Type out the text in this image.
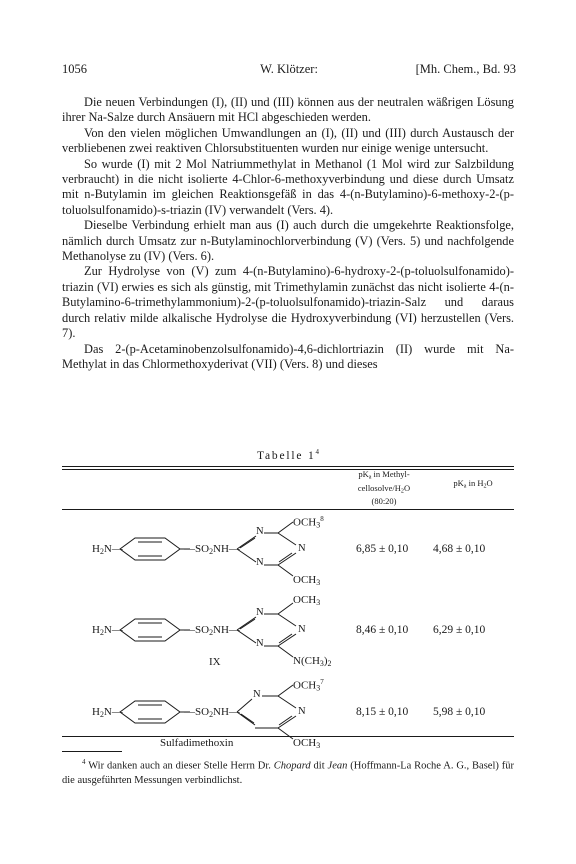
1056	W. Klötzer:	[Mh. Chem., Bd. 93

Die neuen Verbindungen (I), (II) und (III) können aus der neutralen wäßrigen Lösung ihrer Na-Salze durch Ansäuern mit HCl abgeschieden werden.

Von den vielen möglichen Umwandlungen an (I), (II) und (III) durch Austausch der verbliebenen zwei reaktiven Chlorsubstituenten wurden nur einige wenige untersucht.

So wurde (I) mit 2 Mol Natriummethylat in Methanol (1 Mol wird zur Salzbildung verbraucht) in die nicht isolierte 4-Chlor-6-methoxyverbindung und diese durch Umsatz mit n-Butylamin im gleichen Reaktionsgefäß in das 4-(n-Butylamino)-6-methoxy-2-(p-toluolsulfonamido)-s-triazin (IV) verwandelt (Vers. 4).

Dieselbe Verbindung erhielt man aus (I) auch durch die umgekehrte Reaktionsfolge, nämlich durch Umsatz zur n-Butylaminochlorverbindung (V) (Vers. 5) und nachfolgende Methanolyse zu (IV) (Vers. 6).

Zur Hydrolyse von (V) zum 4-(n-Butylamino)-6-hydroxy-2-(p-toluolsulfonamido)-triazin (VI) erwies es sich als günstig, mit Trimethylamin zunächst das nicht isolierte 4-(n-Butylamino-6-trimethylammonium)-2-(p-toluolsulfonamido)-triazin-Salz und daraus durch relativ milde alkalische Hydrolyse die Hydroxyverbindung (VI) herzustellen (Vers. 7).

Das 2-(p-Acetaminobenzolsulfonamido)-4,6-dichlortriazin (II) wurde mit Na-Methylat in das Chlormethoxyderivat (VII) (Vers. 8) und dieses

Tabelle $1^4$
$pK_a$ in Methyl-
cellosolve/$H_2O$
(80:20)
$pK_a$ in $H_2O$
$H_2N—$	$—SO_2NH—$
N
N
N
$OCH_3^8$
$OCH_3$
6,85 ± 0,10 4,68 ± 0,10
$H_2N—$	$—SO_2NH—$
N
N
N
$OCH_3$
$N(CH_3)_2$
IX
8,46 ± 0,10 6,29 ± 0,10
$H_2N—$	$—SO_2NH—$
N
N
$OCH_3^7$
$OCH_3$
Sulfadimethoxin
8,15 ± 0,10 5,98 ± 0,10
$^4$ Wir danken auch an dieser Stelle Herrn Dr. Chopard dit Jean (Hoffmann-La Roche A. G., Basel) für die ausgeführten Messungen verbindlichst.
